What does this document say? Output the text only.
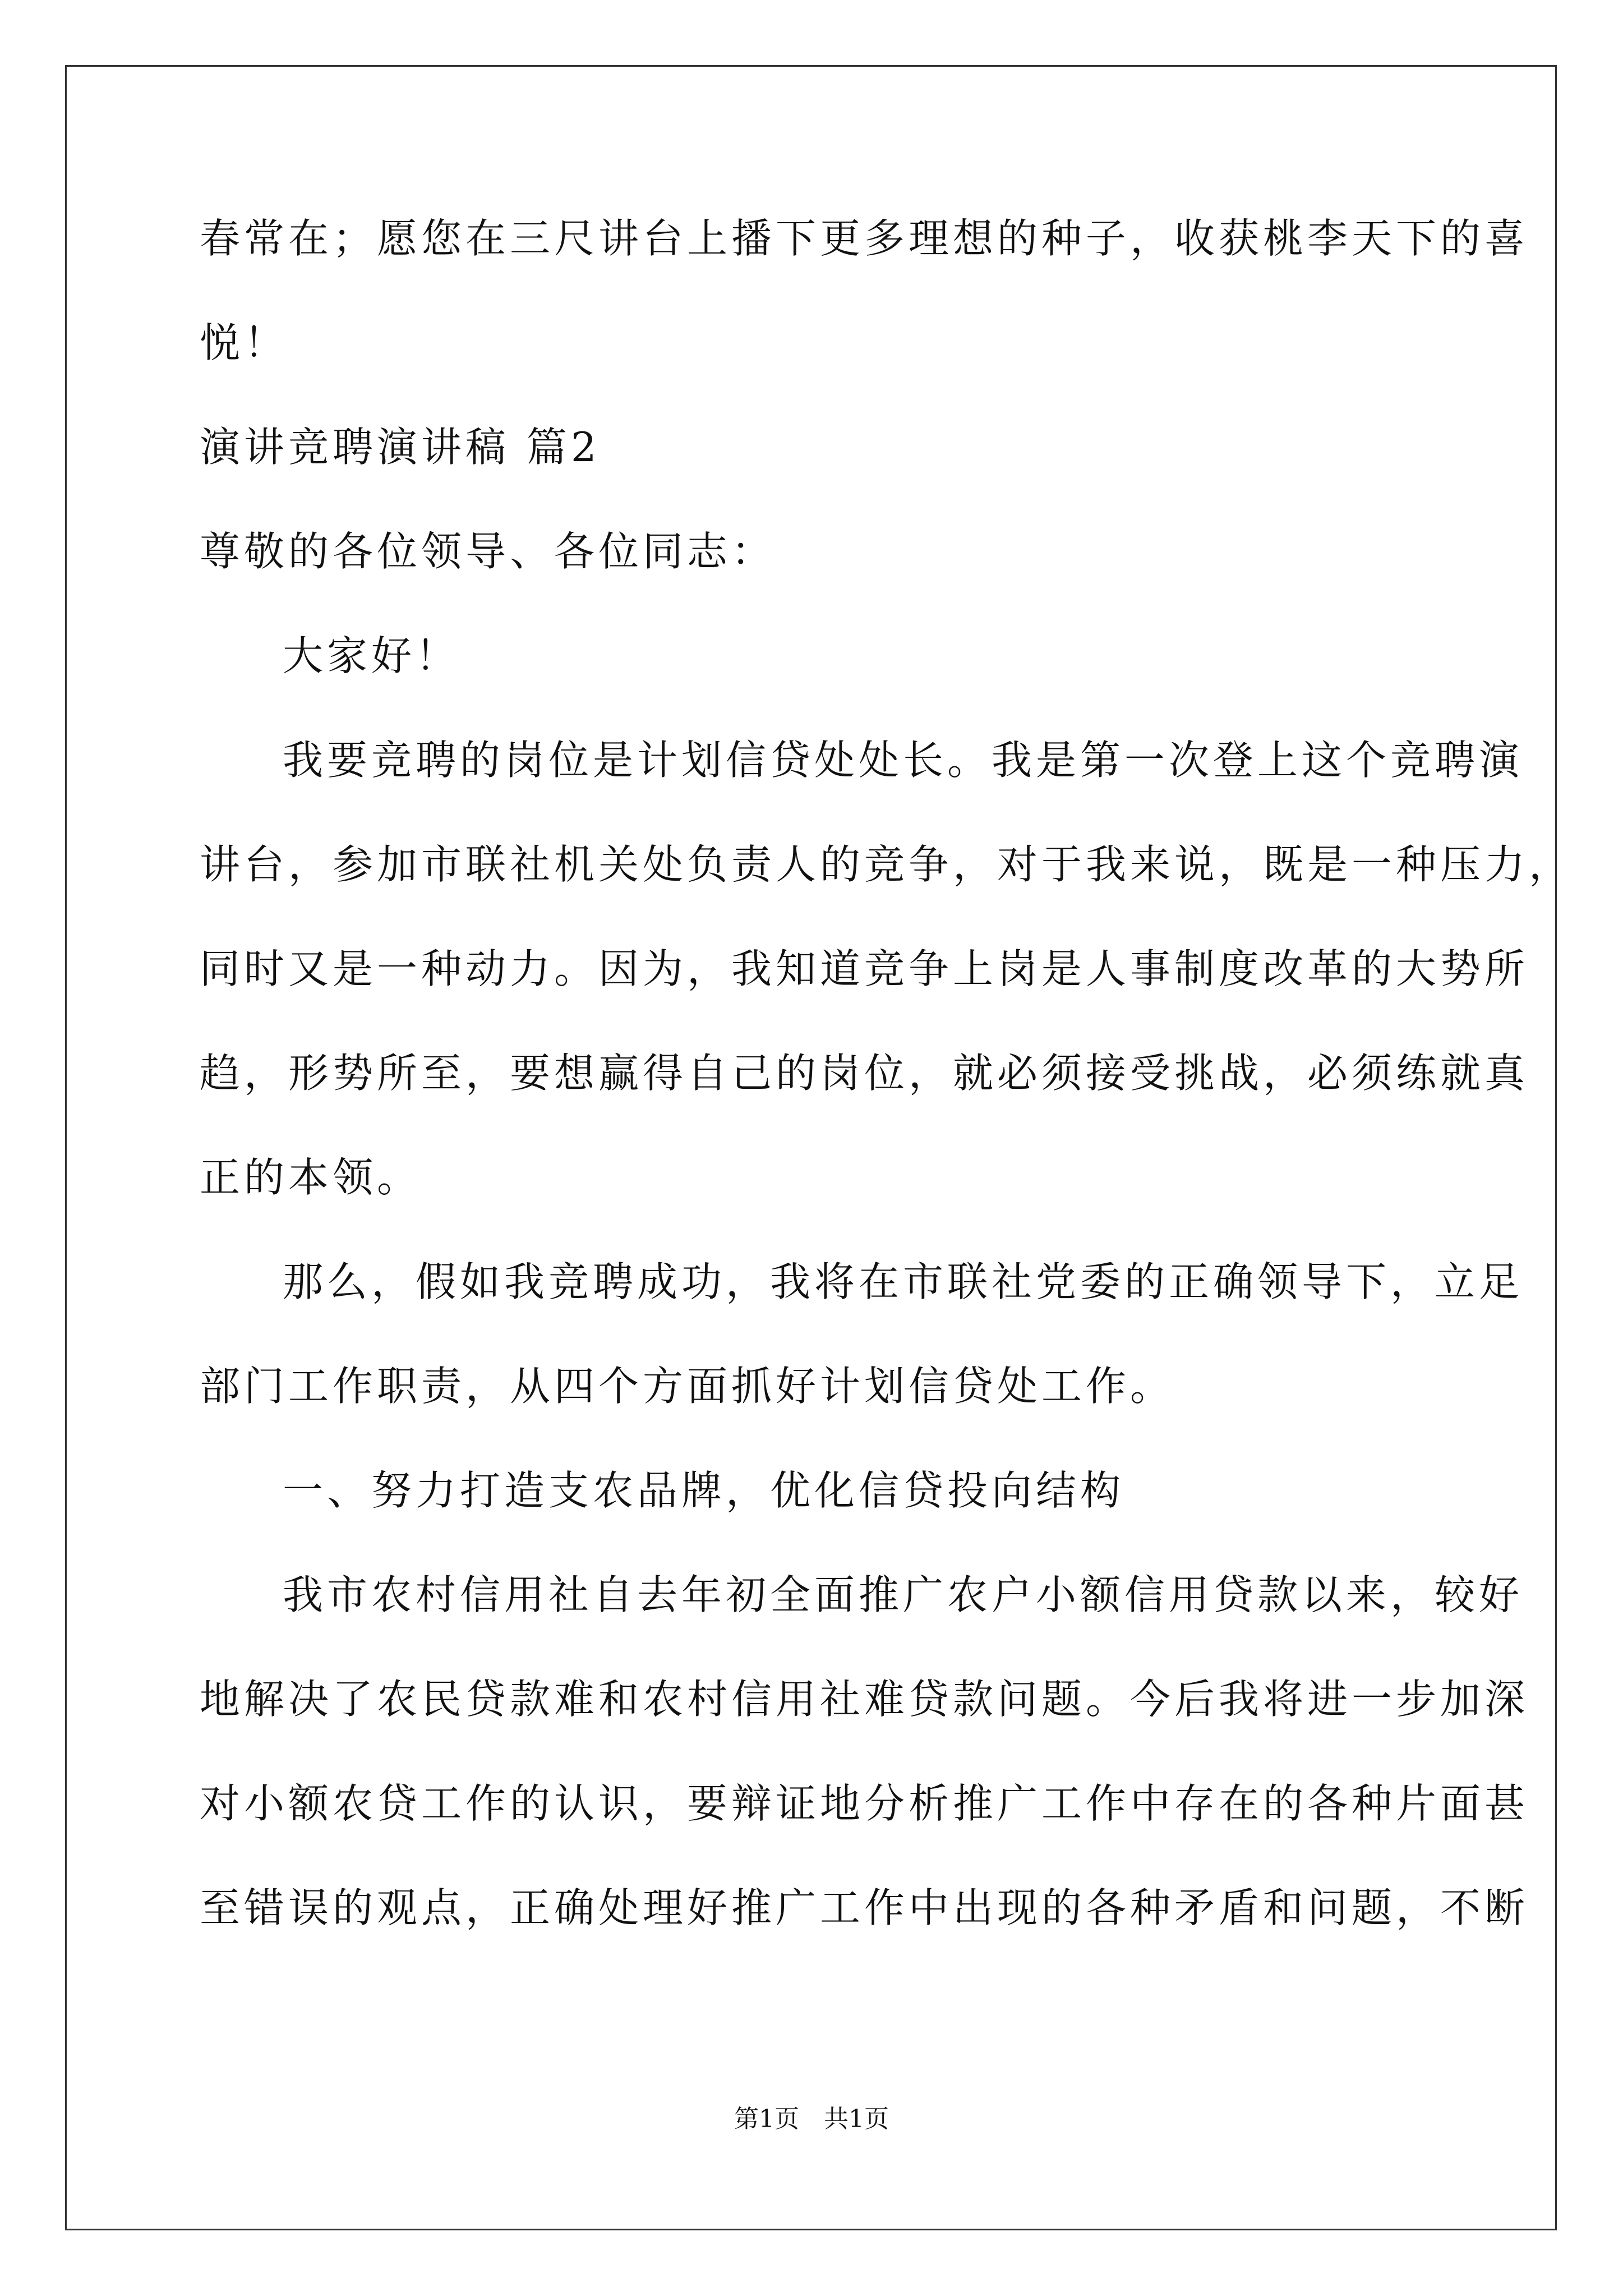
春常在；愿您在三尺讲台上播下更多理想的种子，收获桃李天下的喜
悦！
演讲竞聘演讲稿 篇2
尊敬的各位领导、各位同志：
大家好！
我要竞聘的岗位是计划信贷处处长。我是第一次登上这个竞聘演
讲台，参加市联社机关处负责人的竞争，对于我来说，既是一种压力，
同时又是一种动力。因为，我知道竞争上岗是人事制度改革的大势所
趋，形势所至，要想赢得自己的岗位，就必须接受挑战，必须练就真
正的本领。
那么，假如我竞聘成功，我将在市联社党委的正确领导下，立足
部门工作职责，从四个方面抓好计划信贷处工作。
一、努力打造支农品牌，优化信贷投向结构
我市农村信用社自去年初全面推广农户小额信用贷款以来，较好
地解决了农民贷款难和农村信用社难贷款问题。今后我将进一步加深
对小额农贷工作的认识，要辩证地分析推广工作中存在的各种片面甚
至错误的观点，正确处理好推广工作中出现的各种矛盾和问题，不断
第1页　共1页
